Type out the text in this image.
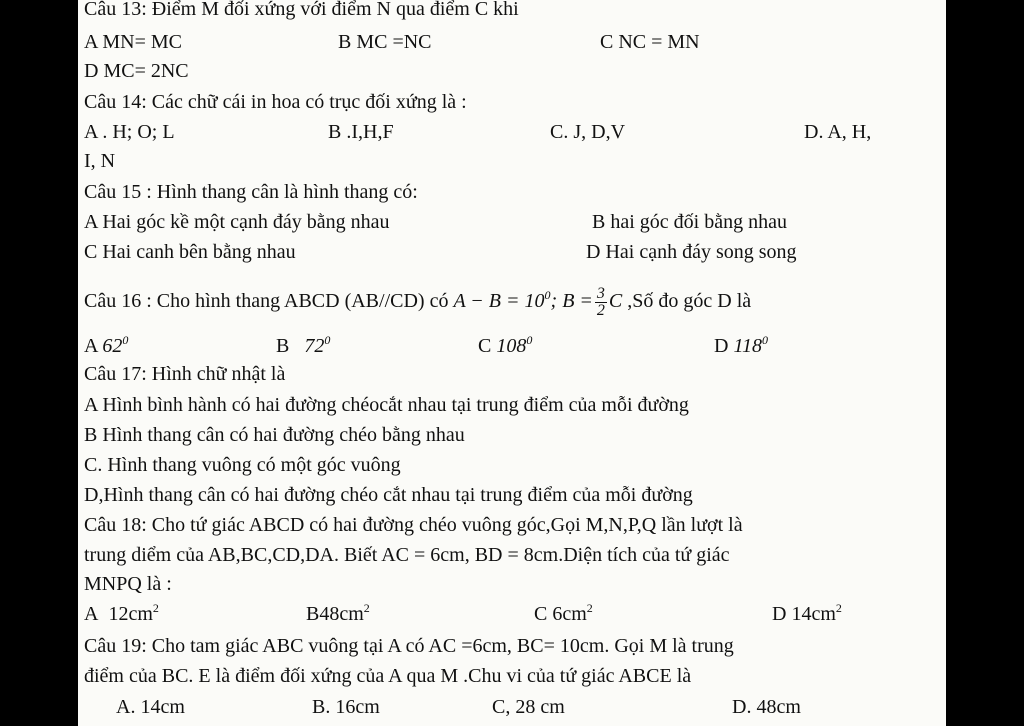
Câu 13: Điểm M đối xứng với điểm N qua điểm C khi
A MN= MC	B MC =NC	C NC = MN
D MC= 2NC
Câu 14: Các chữ cái in hoa có trục đối xứng là :
A . H; O; L	B .I,H,F	C. J, D,V	D. A, H,
I, N
Câu 15 : Hình thang cân là hình thang có:
A Hai góc kề một cạnh đáy bằng nhau	B hai góc đối bằng nhau
C Hai canh bên bằng nhau	D Hai cạnh đáy song song
Câu 16 : Cho hình thang ABCD (AB//CD) có $A - B = 10^0$; $B = \frac{3}{2}$ C ,Số đo góc D là
A $62^0$	B $72^0$	C $108^0$	D $118^0$
Câu 17: Hình chữ nhật là
A Hình bình hành có hai đường chéocắt nhau tại trung điểm của mỗi đường
B Hình thang cân có hai đường chéo bằng nhau
C. Hình thang vuông có một góc vuông
D,Hình thang cân có hai đường chéo cắt nhau tại trung điểm của mỗi đường
Câu 18: Cho tứ giác ABCD có hai đường chéo vuông góc,Gọi M,N,P,Q lần lượt là
trung diểm của AB,BC,CD,DA. Biết AC = 6cm, BD = 8cm.Diện tích của tứ giác
MNPQ là :
A $12cm^2$	$B48cm^2$	C $6cm^2$	D $14cm^2$
Câu 19: Cho tam giác ABC vuông tại A có AC =6cm, BC= 10cm. Gọi M là trung
điểm của BC. E là điểm đối xứng của A qua M .Chu vi của tứ giác ABCE là
A. 14cm	B. 16cm	C, 28 cm	D. 48cm
